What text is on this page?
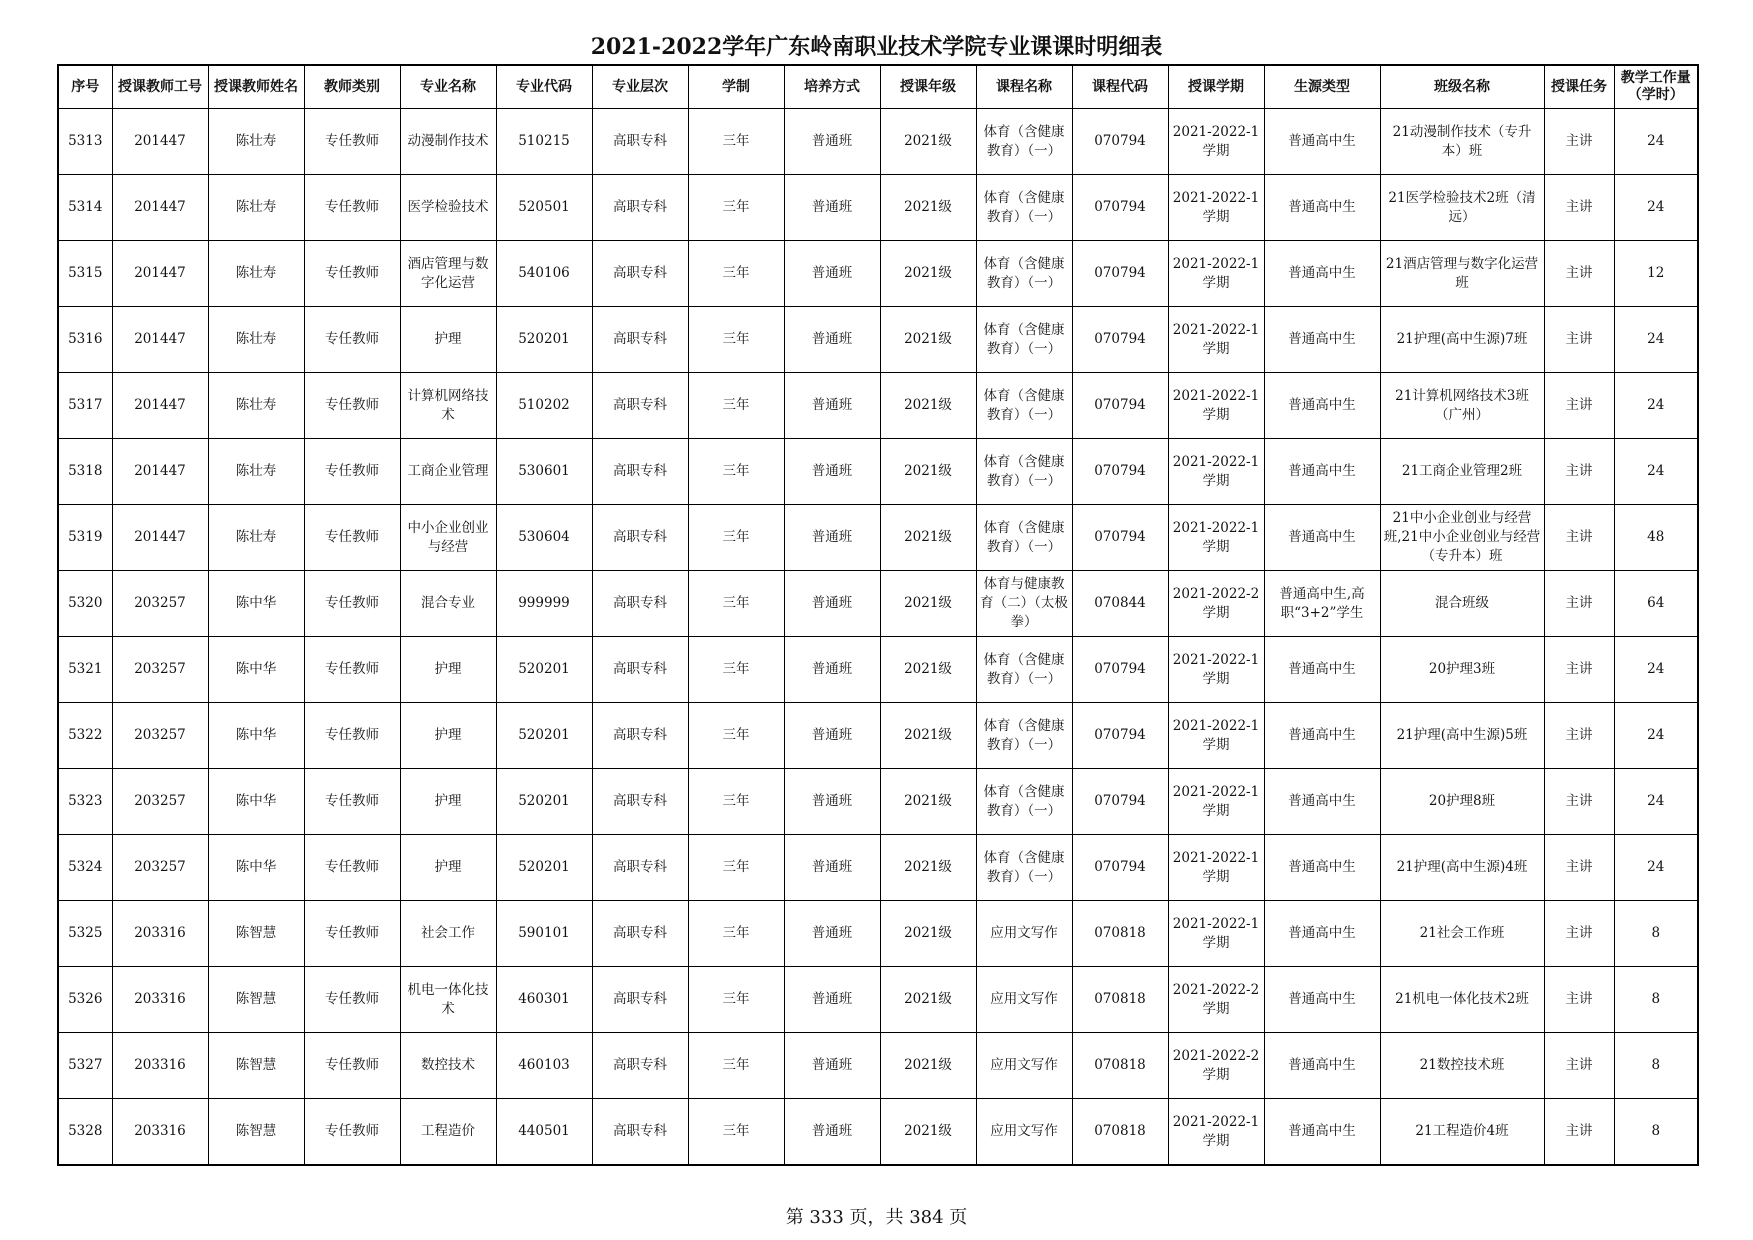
2021-2022学年广东岭南职业技术学院专业课课时明细表
序号	授课教师工号	授课教师姓名	教师类别	专业名称	专业代码	专业层次	学制	培养方式	授课年级	课程名称	课程代码	授课学期	生源类型	班级名称	授课任务	教学工作量（学时）
5313	201447	陈壮寿	专任教师	动漫制作技术	510215	高职专科	三年	普通班	2021级	体育（含健康教育）（一）	070794	2021-2022-1学期	普通高中生	21动漫制作技术（专升本）班	主讲	24
5314	201447	陈壮寿	专任教师	医学检验技术	520501	高职专科	三年	普通班	2021级	体育（含健康教育）（一）	070794	2021-2022-1学期	普通高中生	21医学检验技术2班（清远）	主讲	24
5315	201447	陈壮寿	专任教师	酒店管理与数字化运营	540106	高职专科	三年	普通班	2021级	体育（含健康教育）（一）	070794	2021-2022-1学期	普通高中生	21酒店管理与数字化运营班	主讲	12
5316	201447	陈壮寿	专任教师	护理	520201	高职专科	三年	普通班	2021级	体育（含健康教育）（一）	070794	2021-2022-1学期	普通高中生	21护理(高中生源)7班	主讲	24
5317	201447	陈壮寿	专任教师	计算机网络技术	510202	高职专科	三年	普通班	2021级	体育（含健康教育）（一）	070794	2021-2022-1学期	普通高中生	21计算机网络技术3班（广州）	主讲	24
5318	201447	陈壮寿	专任教师	工商企业管理	530601	高职专科	三年	普通班	2021级	体育（含健康教育）（一）	070794	2021-2022-1学期	普通高中生	21工商企业管理2班	主讲	24
5319	201447	陈壮寿	专任教师	中小企业创业与经营	530604	高职专科	三年	普通班	2021级	体育（含健康教育）（一）	070794	2021-2022-1学期	普通高中生	21中小企业创业与经营班,21中小企业创业与经营（专升本）班	主讲	48
5320	203257	陈中华	专任教师	混合专业	999999	高职专科	三年	普通班	2021级	体育与健康教育（二）（太极拳）	070844	2021-2022-2学期	普通高中生,高职“3+2”学生	混合班级	主讲	64
5321	203257	陈中华	专任教师	护理	520201	高职专科	三年	普通班	2021级	体育（含健康教育）（一）	070794	2021-2022-1学期	普通高中生	20护理3班	主讲	24
5322	203257	陈中华	专任教师	护理	520201	高职专科	三年	普通班	2021级	体育（含健康教育）（一）	070794	2021-2022-1学期	普通高中生	21护理(高中生源)5班	主讲	24
5323	203257	陈中华	专任教师	护理	520201	高职专科	三年	普通班	2021级	体育（含健康教育）（一）	070794	2021-2022-1学期	普通高中生	20护理8班	主讲	24
5324	203257	陈中华	专任教师	护理	520201	高职专科	三年	普通班	2021级	体育（含健康教育）（一）	070794	2021-2022-1学期	普通高中生	21护理(高中生源)4班	主讲	24
5325	203316	陈智慧	专任教师	社会工作	590101	高职专科	三年	普通班	2021级	应用文写作	070818	2021-2022-1学期	普通高中生	21社会工作班	主讲	8
5326	203316	陈智慧	专任教师	机电一体化技术	460301	高职专科	三年	普通班	2021级	应用文写作	070818	2021-2022-2学期	普通高中生	21机电一体化技术2班	主讲	8
5327	203316	陈智慧	专任教师	数控技术	460103	高职专科	三年	普通班	2021级	应用文写作	070818	2021-2022-2学期	普通高中生	21数控技术班	主讲	8
5328	203316	陈智慧	专任教师	工程造价	440501	高职专科	三年	普通班	2021级	应用文写作	070818	2021-2022-1学期	普通高中生	21工程造价4班	主讲	8
第 333 页，共 384 页
